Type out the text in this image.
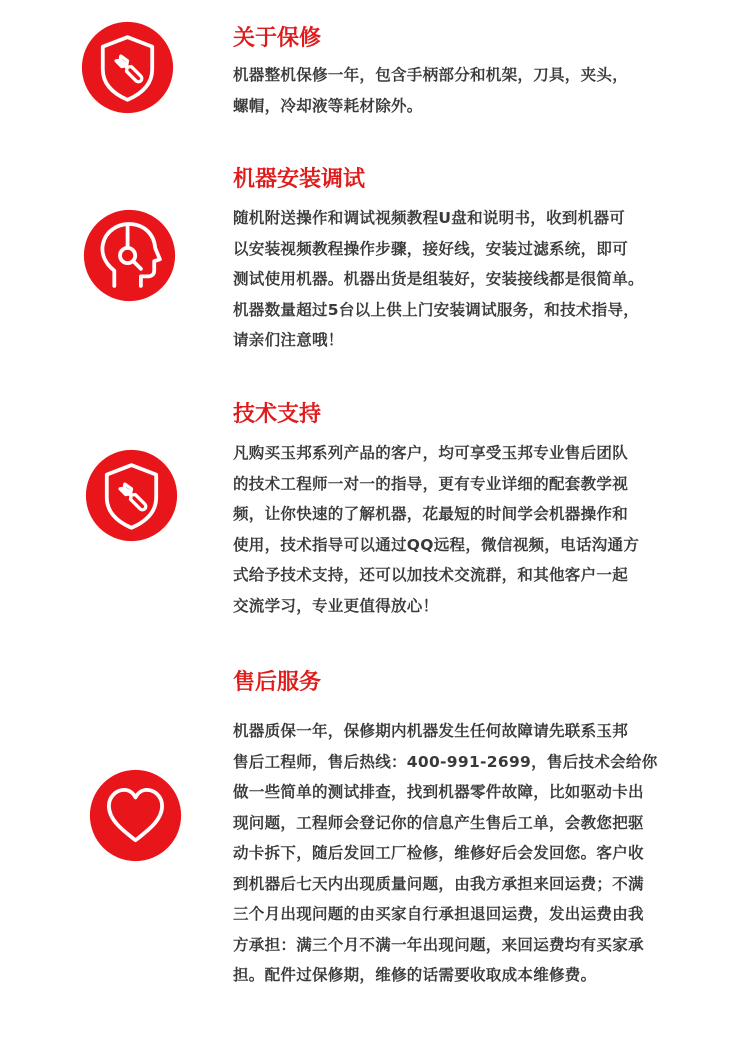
关于保修
机器整机保修一年，包含手柄部分和机架，刀具，夹头，
螺帽，冷却液等耗材除外。
机器安装调试
随机附送操作和调试视频教程U盘和说明书，收到机器可
以安装视频教程操作步骤，接好线，安装过滤系统，即可
测试使用机器。机器出货是组装好，安装接线都是很简单。
机器数量超过5台以上供上门安装调试服务，和技术指导，
请亲们注意哦！
技术支持
凡购买玉邦系列产品的客户，均可享受玉邦专业售后团队
的技术工程师一对一的指导，更有专业详细的配套教学视
频，让你快速的了解机器，花最短的时间学会机器操作和
使用，技术指导可以通过QQ远程，微信视频，电话沟通方
式给予技术支持，还可以加技术交流群，和其他客户一起
交流学习，专业更值得放心！
售后服务
机器质保一年，保修期内机器发生任何故障请先联系玉邦
售后工程师，售后热线：400-991-2699，售后技术会给你
做一些简单的测试排查，找到机器零件故障，比如驱动卡出
现问题，工程师会登记你的信息产生售后工单，会教您把驱
动卡拆下，随后发回工厂检修，维修好后会发回您。客户收
到机器后七天内出现质量问题，由我方承担来回运费；不满
三个月出现问题的由买家自行承担退回运费，发出运费由我
方承担：满三个月不满一年出现问题，来回运费均有买家承
担。配件过保修期，维修的话需要收取成本维修费。
